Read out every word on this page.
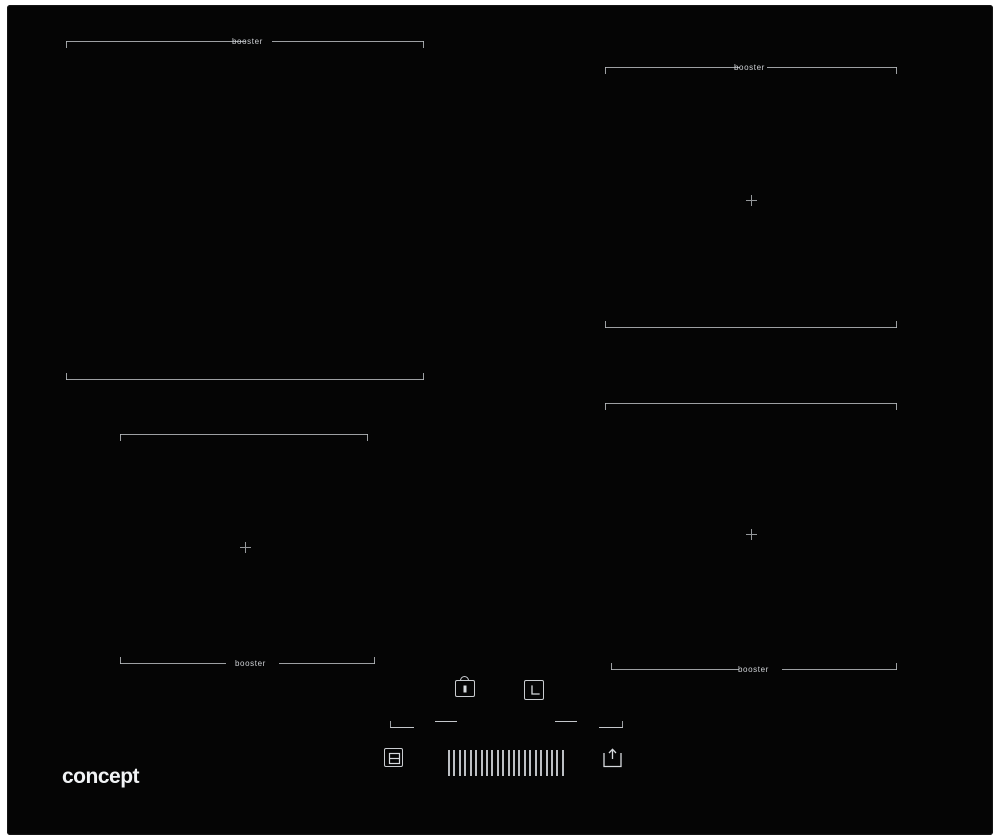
booster
booster
booster
booster
concept
